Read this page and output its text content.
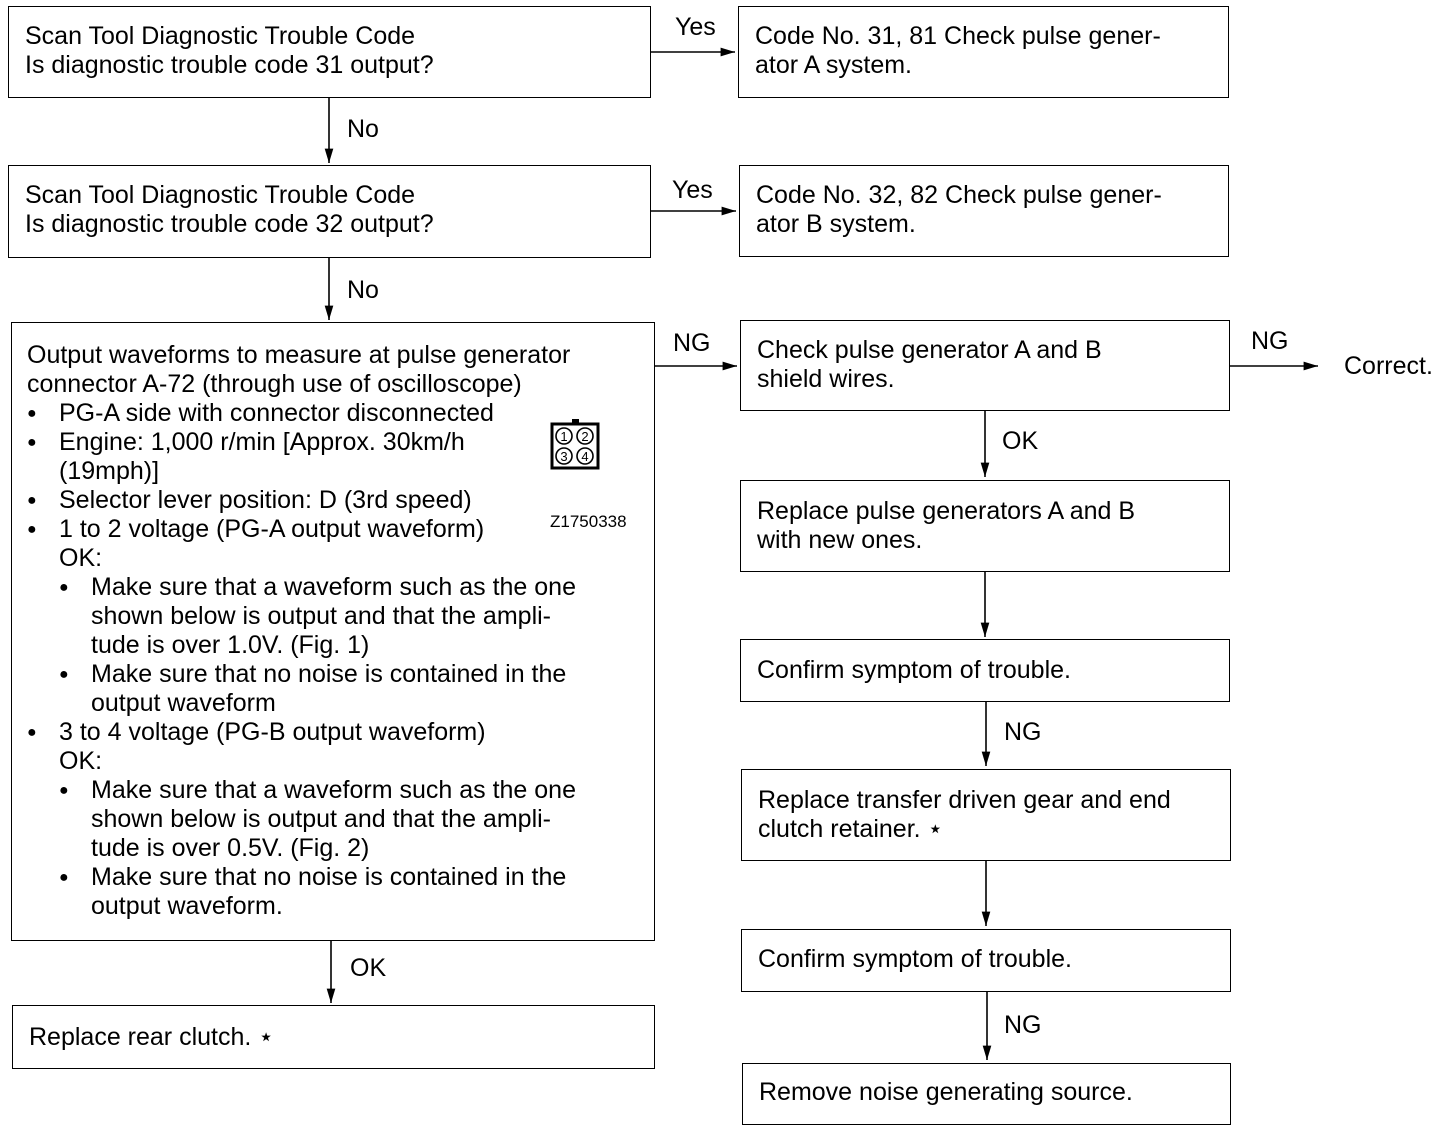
Scan Tool Diagnostic Trouble Code
Is diagnostic trouble code 31 output?
Code No. 31, 81 Check pulse gener-
ator A system.
Scan Tool Diagnostic Trouble Code
Is diagnostic trouble code 32 output?
Code No. 32, 82 Check pulse gener-
ator B system.
Output waveforms to measure at pulse generator
connector A-72 (through use of oscilloscope)
● PG-A side with connector disconnected
● Engine: 1,000 r/min [Approx. 30km/h
(19mph)]
● Selector lever position: D (3rd speed)
● 1 to 2 voltage (PG-A output waveform)
OK:
● Make sure that a waveform such as the one
shown below is output and that the ampli-
tude is over 1.0V. (Fig. 1)
● Make sure that no noise is contained in the
output waveform
● 3 to 4 voltage (PG-B output waveform)
OK:
● Make sure that a waveform such as the one
shown below is output and that the ampli-
tude is over 0.5V. (Fig. 2)
● Make sure that no noise is contained in the
output waveform.
1 2
3 4
Z1750338
Check pulse generator A and B
shield wires.	Correct.
Replace pulse generators A and B
with new ones.
Confirm symptom of trouble.
Replace transfer driven gear and end
clutch retainer. ⋆
Confirm symptom of trouble.
Remove noise generating source.
Replace rear clutch. ⋆
Yes
No
Yes
No
NG	NG
OK
NG
NG
OK
